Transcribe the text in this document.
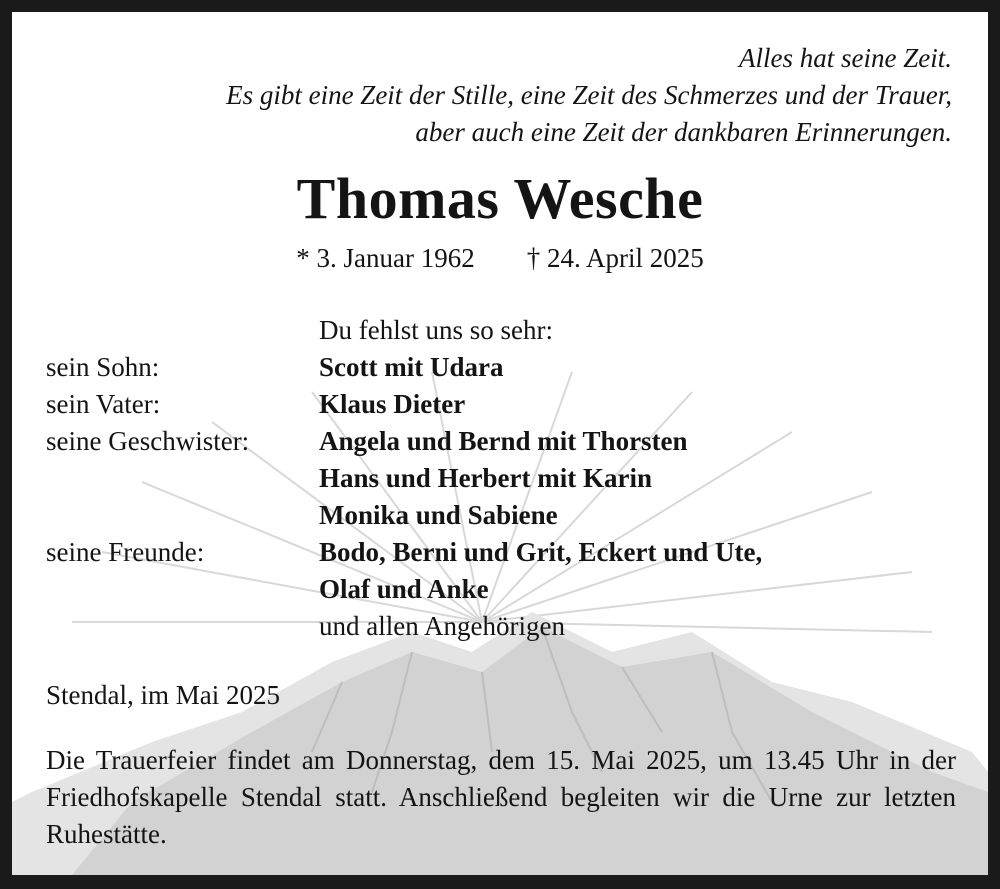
Alles hat seine Zeit.
Es gibt eine Zeit der Stille, eine Zeit des Schmerzes und der Trauer,
aber auch eine Zeit der dankbaren Erinnerungen.
Thomas Wesche
* 3. Januar 1962 † 24. April 2025
Du fehlst uns so sehr:
sein Sohn:	Scott mit Udara
sein Vater:	Klaus Dieter
seine Geschwister:	Angela und Bernd mit Thorsten
Hans und Herbert mit Karin
Monika und Sabiene
seine Freunde:	Bodo, Berni und Grit, Eckert und Ute,
Olaf und Anke
und allen Angehörigen
Stendal, im Mai 2025
Die Trauerfeier findet am Donnerstag, dem 15. Mai 2025, um 13.45 Uhr in der Friedhofskapelle Stendal statt. Anschließend begleiten wir die Urne zur letzten Ruhestätte.
